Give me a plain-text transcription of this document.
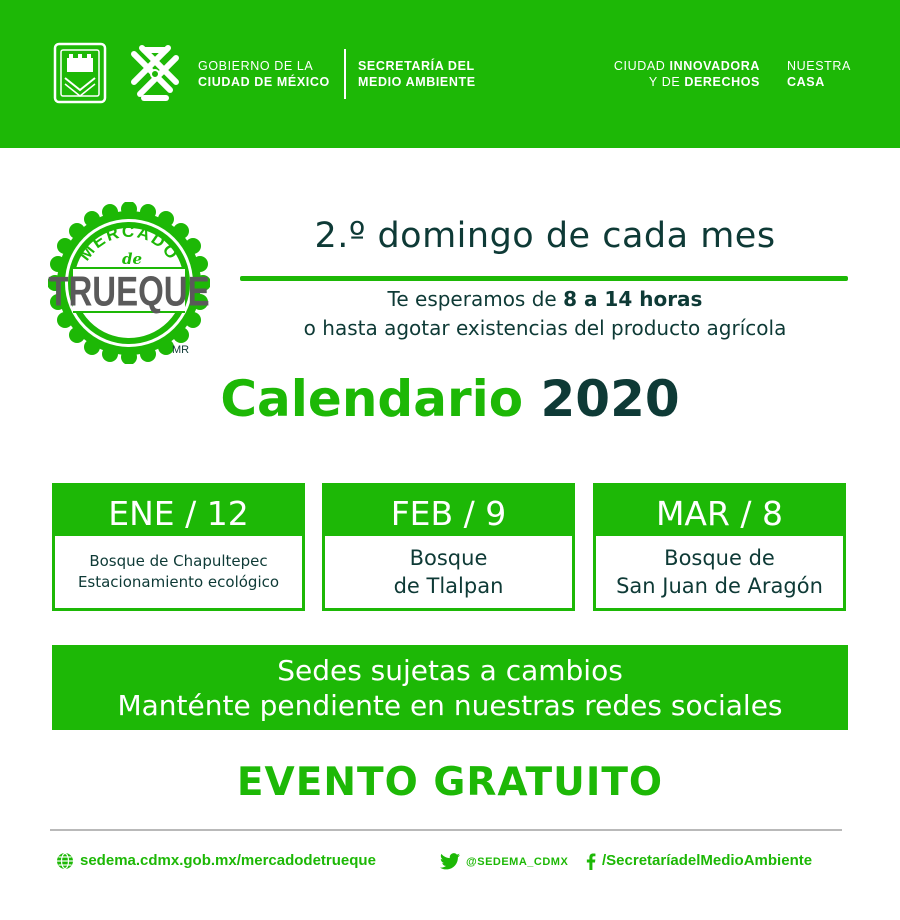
GOBIERNO DE LA
CIUDAD DE MÉXICO
SECRETARÍA DEL
MEDIO AMBIENTE
CIUDAD INNOVADORA
Y DE DERECHOS
NUESTRA
CASA
MERCADO
de
TRUEQUE
MR
2.º domingo de cada mes
Te esperamos de 8 a 14 horas
o hasta agotar existencias del producto agrícola
Calendario 2020
ENE / 12
Bosque de Chapultepec
Estacionamiento ecológico
FEB / 9
Bosque
de Tlalpan
MAR / 8
Bosque de
San Juan de Aragón
Sedes sujetas a cambios
Manténte pendiente en nuestras redes sociales
EVENTO GRATUITO
sedema.cdmx.gob.mx/mercadodetrueque	@SEDEMA_CDMX	/SecretaríadelMedioAmbiente
